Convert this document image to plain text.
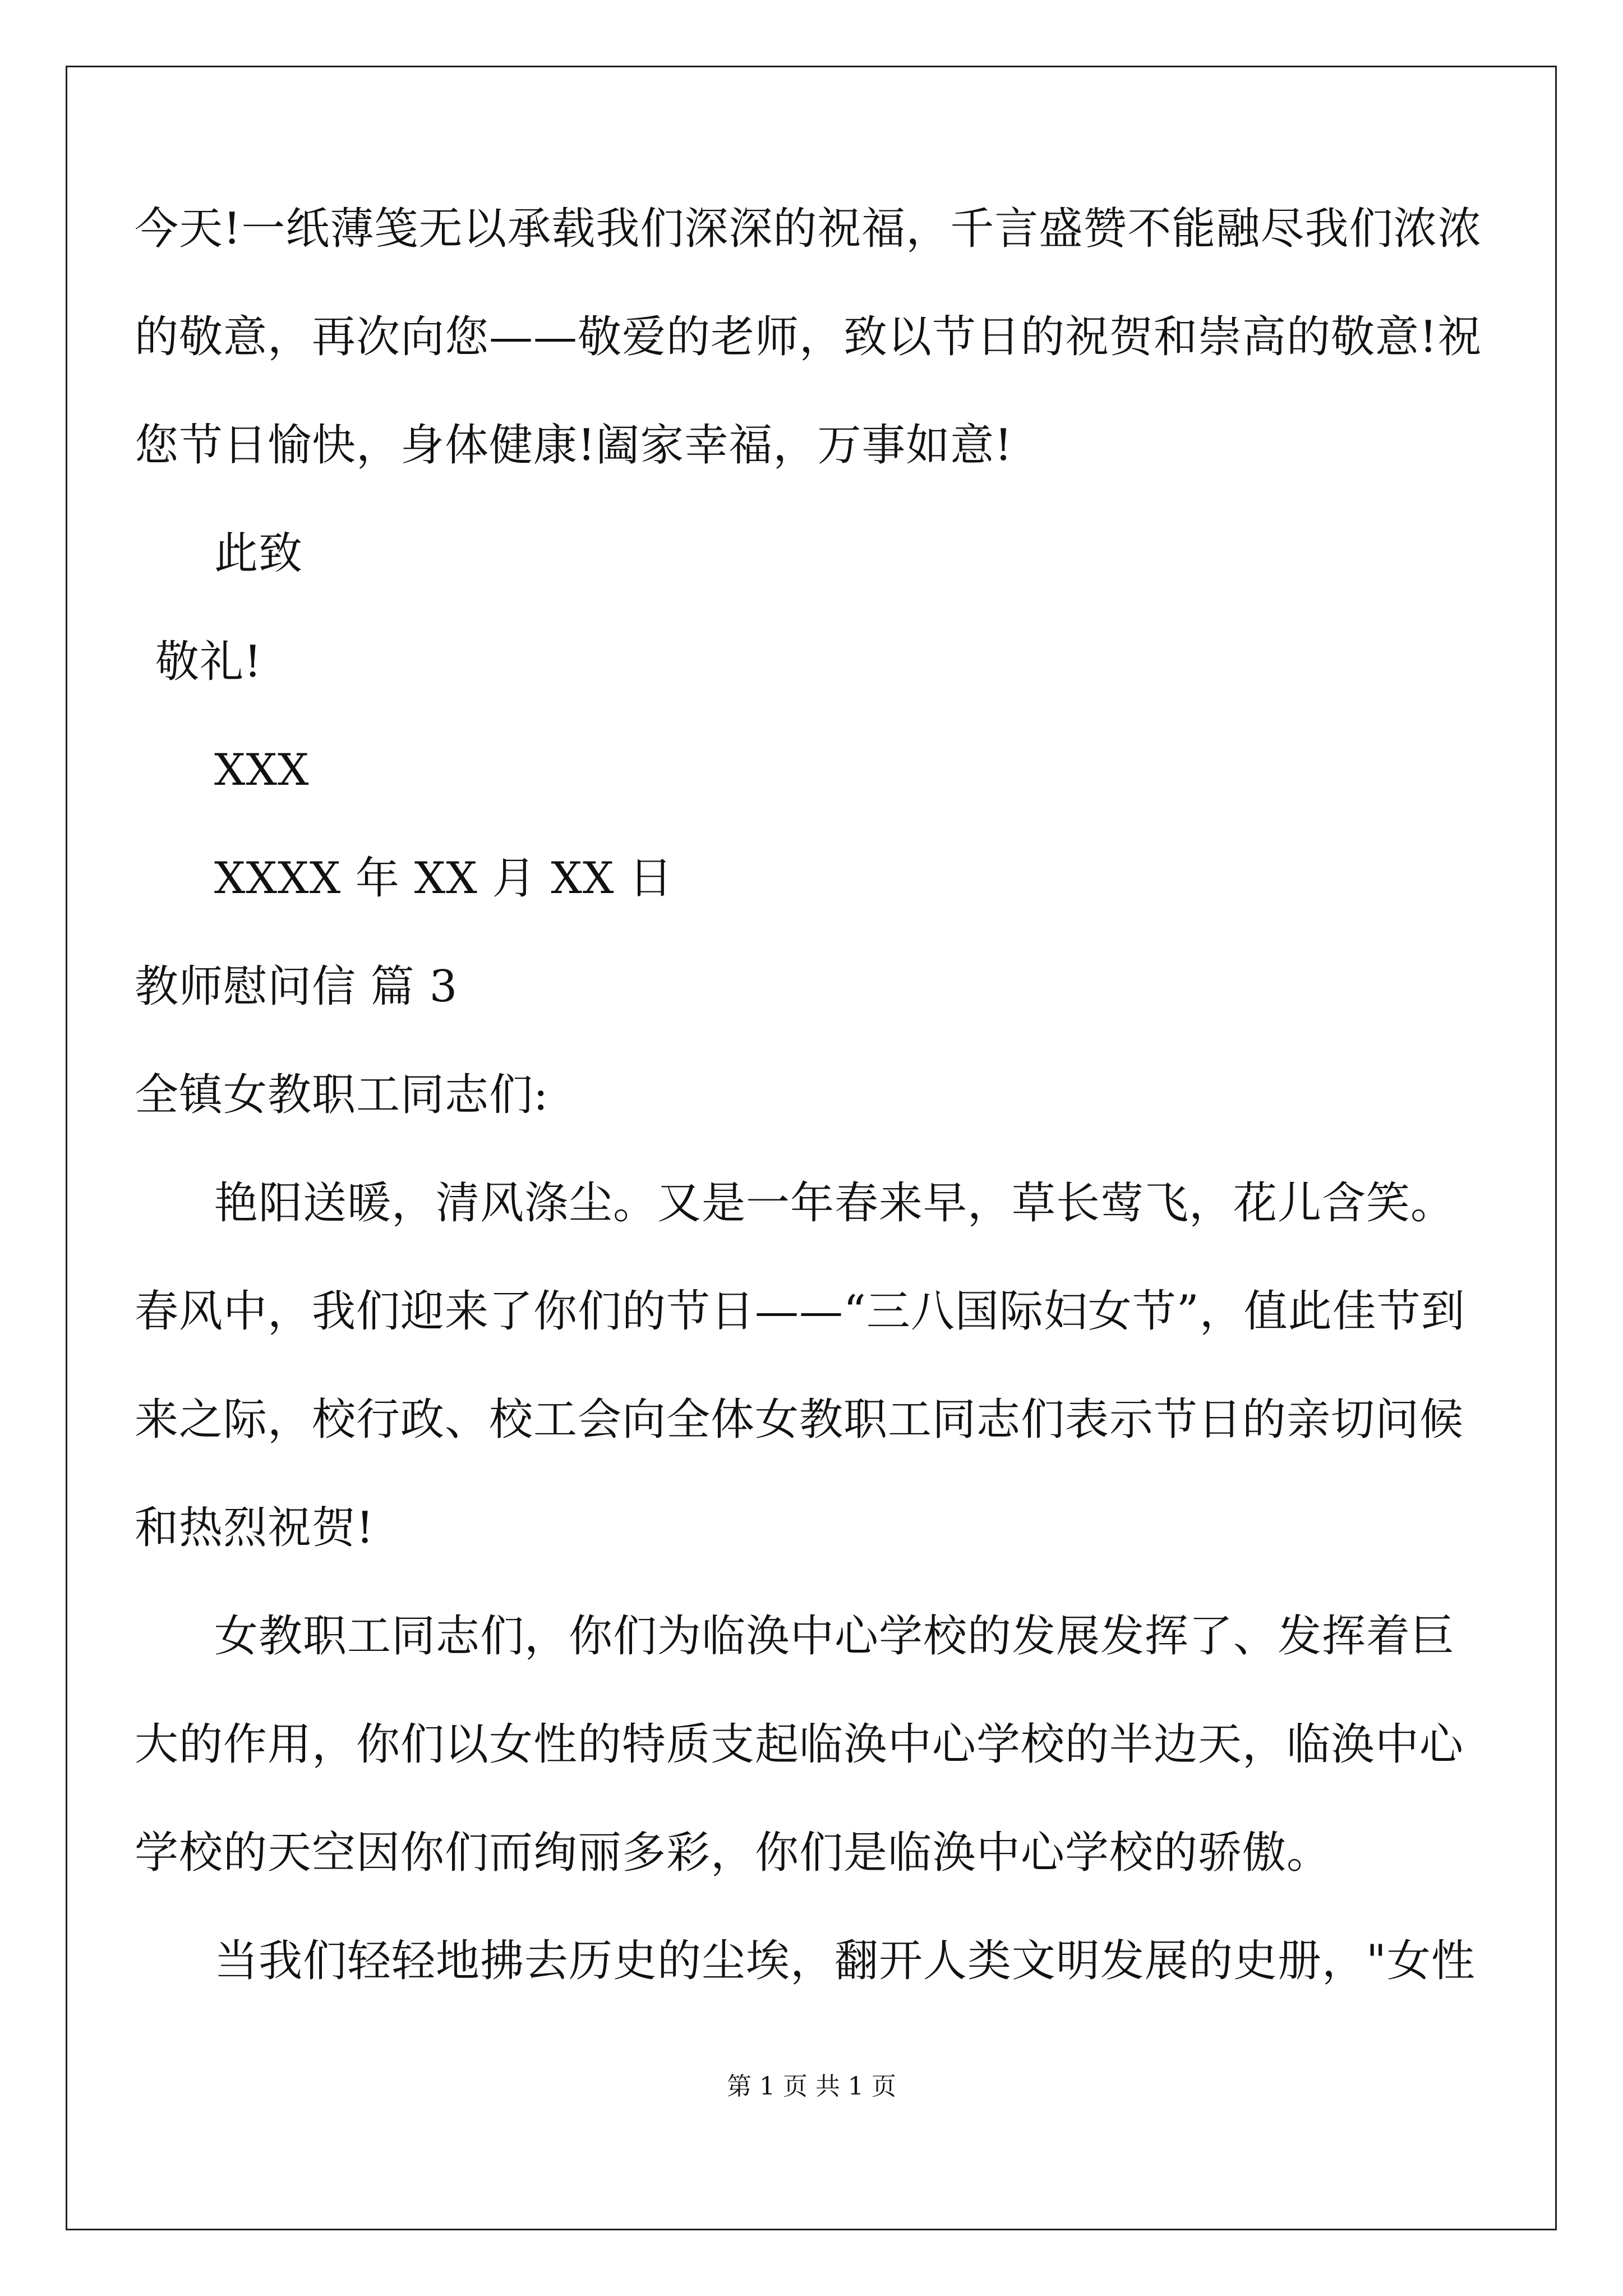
今天!一纸薄笺无以承载我们深深的祝福，千言盛赞不能融尽我们浓浓
的敬意，再次向您——敬爱的老师，致以节日的祝贺和崇高的敬意!祝
您节日愉快，身体健康!阖家幸福，万事如意!
此致
敬礼!
XXX
XXXX 年 XX 月 XX 日
教师慰问信 篇 3
全镇女教职工同志们:
艳阳送暖，清风涤尘。又是一年春来早，草长莺飞，花儿含笑。
春风中，我们迎来了你们的节日——“三八国际妇女节”，值此佳节到
来之际，校行政、校工会向全体女教职工同志们表示节日的亲切问候
和热烈祝贺!
女教职工同志们，你们为临涣中心学校的发展发挥了、发挥着巨
大的作用，你们以女性的特质支起临涣中心学校的半边天，临涣中心
学校的天空因你们而绚丽多彩，你们是临涣中心学校的骄傲。
当我们轻轻地拂去历史的尘埃，翻开人类文明发展的史册，"女性
第 1 页 共 1 页
